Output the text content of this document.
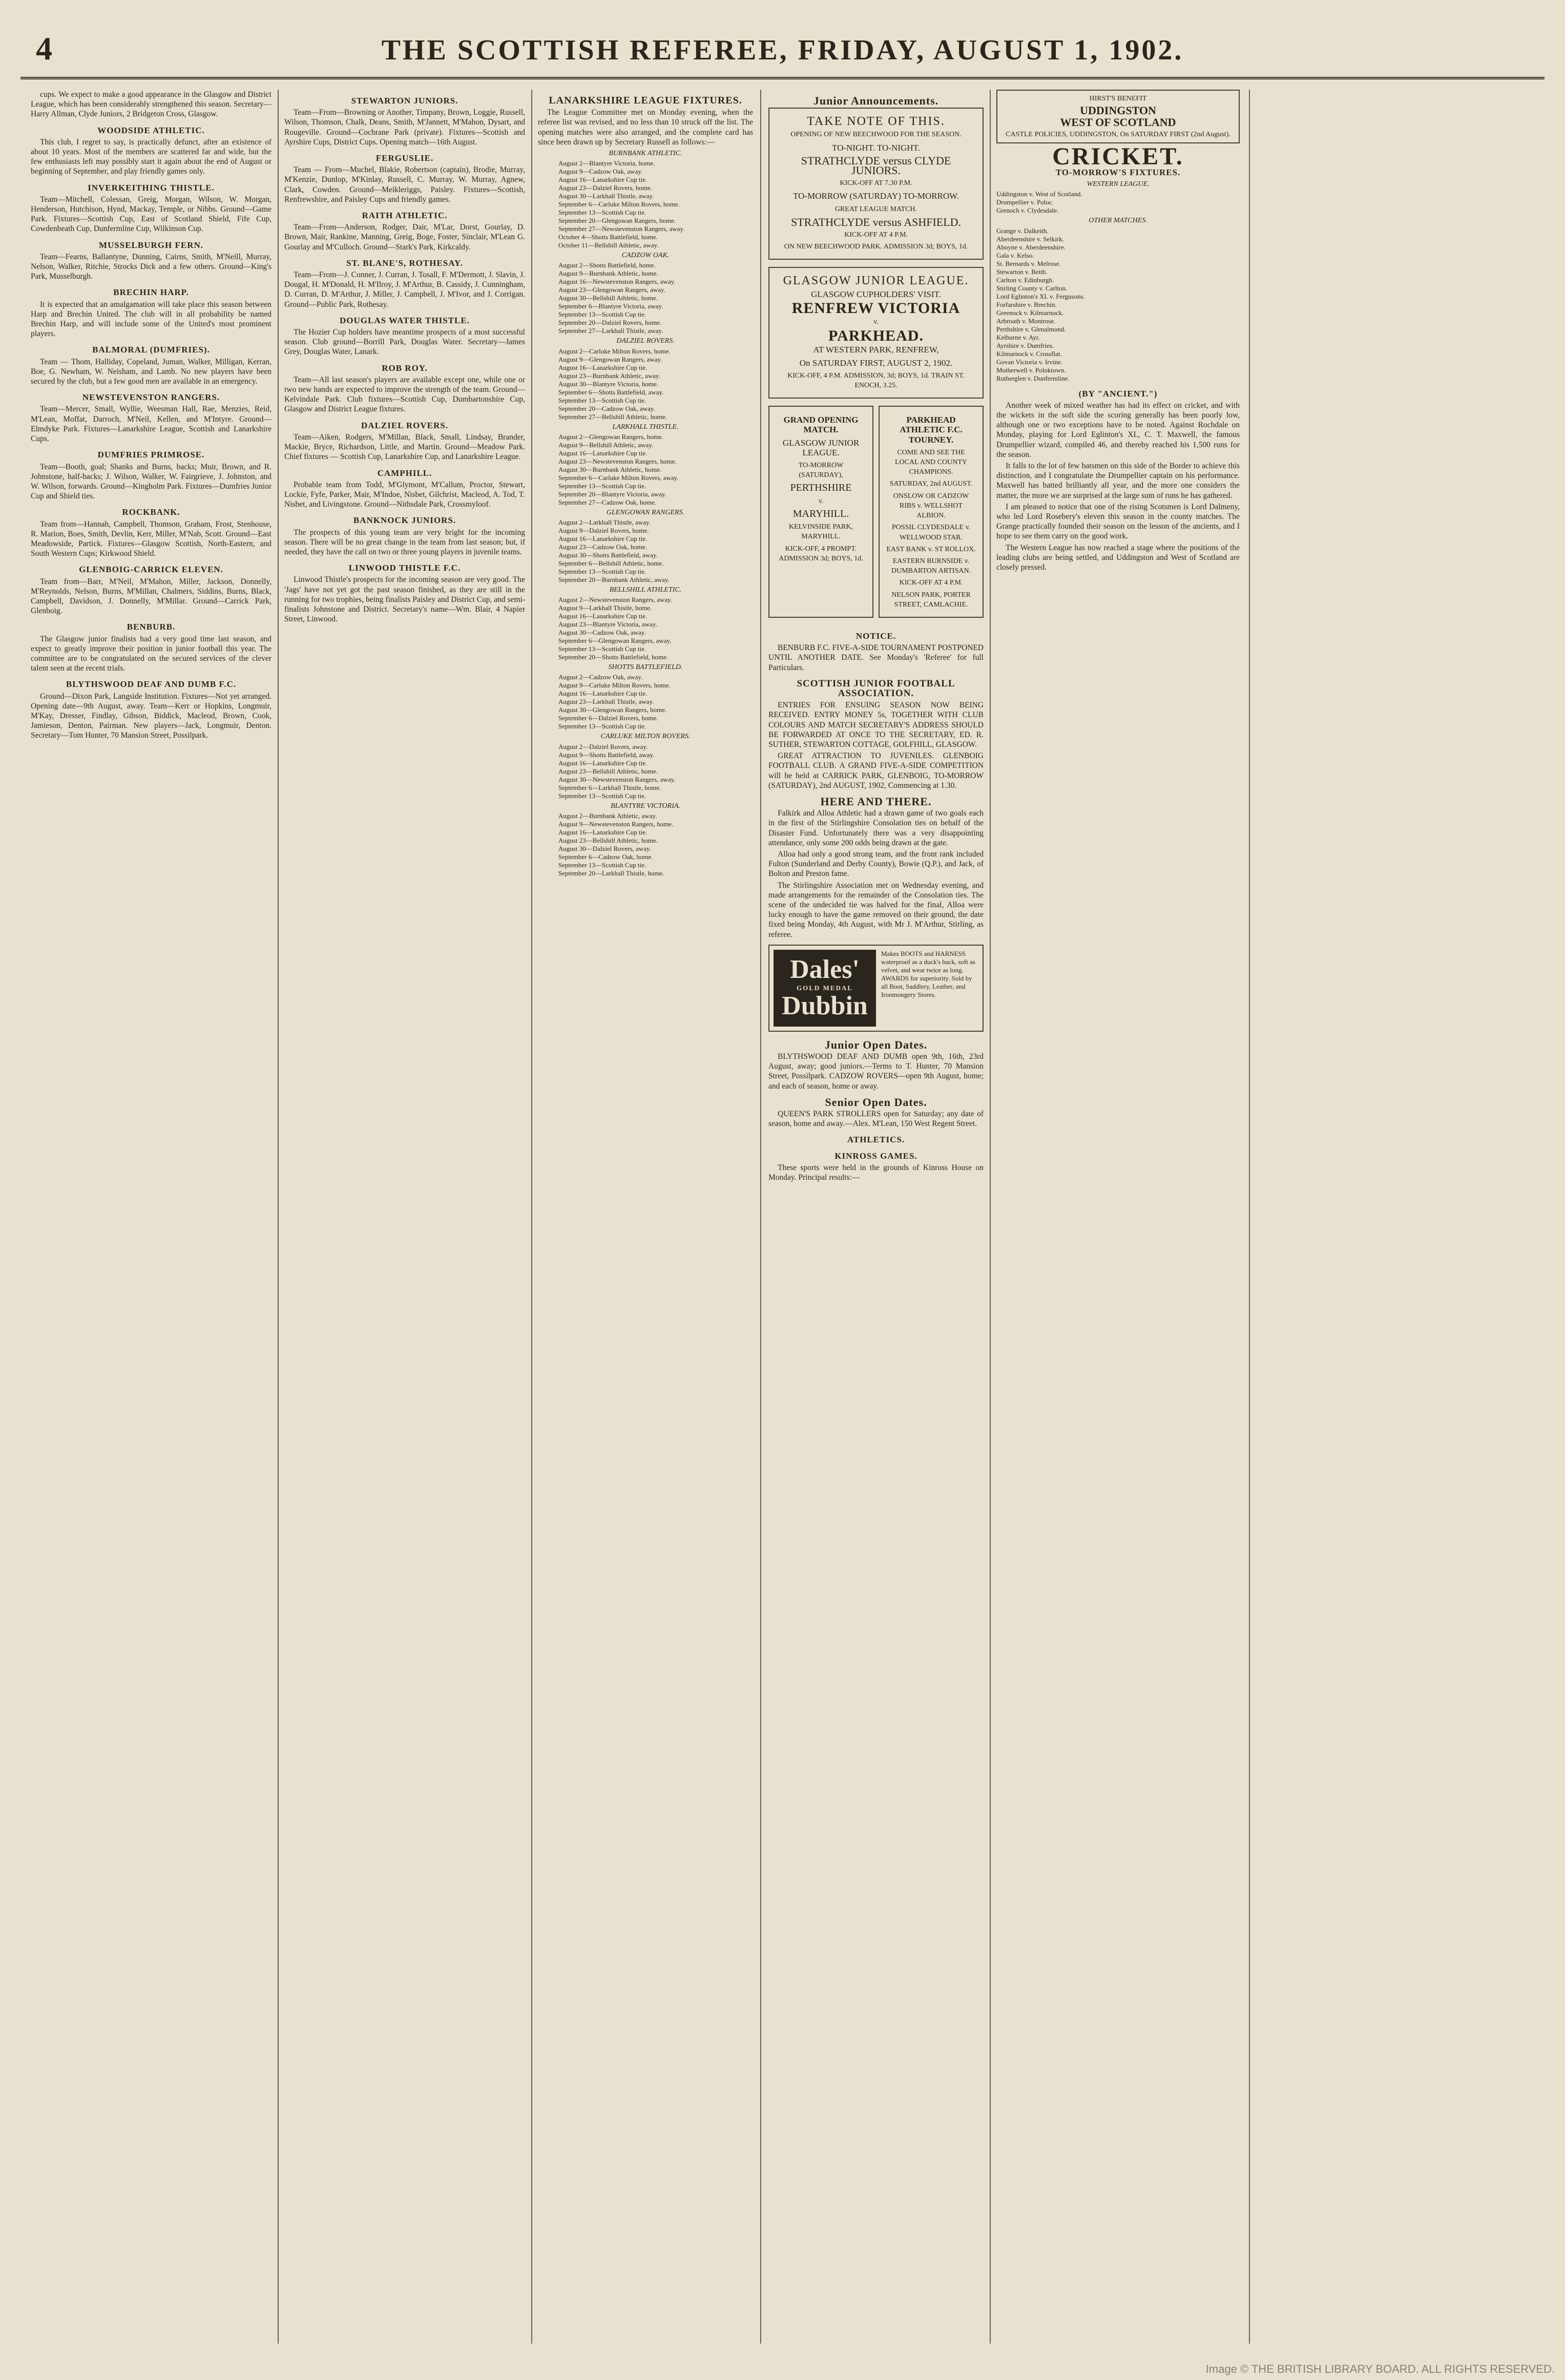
4	THE SCOTTISH REFEREE, FRIDAY, AUGUST 1, 1902.

cups. We expect to make a good appearance in the Glasgow and District League, which has been considerably strengthened this season. Secretary—Harry Allman, Clyde Juniors, 2 Bridgeton Cross, Glasgow.

WOODSIDE ATHLETIC.

This club, I regret to say, is practically defunct, after an existence of about 10 years. Most of the members are scattered far and wide, but the few enthusiasts left may possibly start it again about the end of August or beginning of September, and play friendly games only.

INVERKEITHING THISTLE.

Team—Mitchell, Colessan, Greig, Morgan, Wilson, W. Morgan, Henderson, Hutchison, Hynd, Mackay, Temple, or Nibbs. Ground—Game Park. Fixtures—Scottish Cup, East of Scotland Shield, Fife Cup, Cowdenbeath Cup, Dunfermline Cup, Wilkinson Cup.

MUSSELBURGH FERN.

Team—Fearns, Ballantyne, Dunning, Cairns, Smith, M'Neill, Murray, Nelson, Walker, Ritchie, Strocks Dick and a few others. Ground—King's Park, Musselburgh.

BRECHIN HARP.

It is expected that an amalgamation will take place this season between Harp and Brechin United. The club will in all probability be named Brechin Harp, and will include some of the United's most prominent players.

BALMORAL (DUMFRIES).

Team — Thom, Halliday, Copeland, Juman, Walker, Milligan, Kerran, Boe, G. Newham, W. Neisham, and Lamb. No new players have been secured by the club, but a few good men are available in an emergency.

NEWSTEVENSTON RANGERS.

Team—Mercer, Small, Wyllie, Weesman Hall, Rae, Menzies, Reid, M'Lean, Moffat, Darroch, M'Neil, Kellen, and M'Intyre. Ground—Elmdyke Park. Fixtures—Lanarkshire League, Scottish and Lanarkshire Cups.

DUMFRIES PRIMROSE.

Team—Booth, goal; Shanks and Burns, backs; Muir, Brown, and R. Johnstone, half-backs; J. Wilson, Walker, W. Fairgrieve, J. Johnston, and W. Wilson, forwards. Ground—Kingholm Park. Fixtures—Dumfries Junior Cup and Shield ties.

ROCKBANK.

Team from—Hannah, Campbell, Thomson, Graham, Frost, Stenhouse, R. Marion, Boes, Smith, Devlin, Kerr, Miller, M'Nab, Scott. Ground—East Meadowside, Partick. Fixtures—Glasgow Scottish, North-Eastern, and South Western Cups; Kirkwood Shield.

GLENBOIG-CARRICK ELEVEN.

Team from—Barr, M'Neil, M'Mahon, Miller, Jackson, Donnelly, M'Reynolds, Nelson, Burns, M'Millan, Chalmers, Siddins, Burns, Black, Campbell, Davidson, J. Donnelly, M'Millar. Ground—Carrick Park, Glenboig.

BENBURB.

The Glasgow junior finalists had a very good time last season, and expect to greatly improve their position in junior football this year. The committee are to be congratulated on the secured services of the clever talent seen at the recent trials.

BLYTHSWOOD DEAF AND DUMB F.C.

Ground—Dixon Park, Langside Institution. Fixtures—Not yet arranged. Opening date—9th August, away. Team—Kerr or Hopkins, Longmuir, M'Kay, Dresser, Findlay, Gibson, Biddick, Macleod, Brown, Cook, Jamieson, Denton, Pairman. New players—Jack, Longmuir, Denton. Secretary—Tom Hunter, 70 Mansion Street, Possilpark.

STEWARTON JUNIORS.

Team—From—Browning or Another, Timpany, Brown, Loggie, Russell, Wilson, Thomson, Chalk, Deans, Smith, M'Jannett, M'Mahon, Dysart, and Rougeville. Ground—Cochrane Park (private). Fixtures—Scottish and Ayrshire Cups, District Cups. Opening match—16th August.

FERGUSLIE.

Team — From—Muchel, Blakie, Robertson (captain), Brodie, Murray, M'Kenzie, Dunlop, M'Kinlay, Russell, C. Murray, W. Murray, Agnew, Clark, Cowden. Ground—Meikleriggs, Paisley. Fixtures—Scottish, Renfrewshire, and Paisley Cups and friendly games.

RAITH ATHLETIC.

Team—From—Anderson, Rodger, Dair, M'Lar, Dorst, Gourlay, D. Brown, Mair, Rankine, Manning, Greig, Boge, Foster, Sinclair, M'Lean G. Gourlay and M'Culloch. Ground—Stark's Park, Kirkcaldy.

ST. BLANE'S, ROTHESAY.

Team—From—J. Conner, J. Curran, J. Tosall, F. M'Dermott, J. Slavin, J. Dougal, H. M'Donald, H. M'Ilroy, J. M'Arthur, B. Cassidy, J. Cunningham, D. Curran, D. M'Arthur, J. Miller, J. Campbell, J. M'Ivor, and J. Corrigan. Ground—Public Park, Rothesay.

DOUGLAS WATER THISTLE.

The Hozier Cup holders have meantime prospects of a most successful season. Club ground—Borrill Park, Douglas Water. Secretary—James Grey, Douglas Water, Lanark.

ROB ROY.

Team—All last season's players are available except one, while one or two new hands are expected to improve the strength of the team. Ground—Kelvindale Park. Club fixtures—Scottish Cup, Dumbartonshire Cup, Glasgow and District League fixtures.

DALZIEL ROVERS.

Team—Aiken, Rodgers, M'Millan, Black, Small, Lindsay, Brander, Mackie, Bryce, Richardson, Little, and Martin. Ground—Meadow Park. Chief fixtures — Scottish Cup, Lanarkshire Cup, and Lanarkshire League.

CAMPHILL.

Probable team from Todd, M'Glymont, M'Callum, Proctor, Stewart, Lockie, Fyfe, Parker, Mair, M'Indoe, Nisbet, Gilchrist, Macleod, A. Tod, T. Nisbet, and Livingstone. Ground—Nithsdale Park, Crossmyloof.

BANKNOCK JUNIORS.

The prospects of this young team are very bright for the incoming season. There will be no great change in the team from last season; but, if needed, they have the call on two or three young players in juvenile teams.

LINWOOD THISTLE F.C.

Linwood Thistle's prospects for the incoming season are very good. The 'Jags' have not yet got the past season finished, as they are still in the running for two trophies, being finalists Paisley and District Cup, and semi-finalists Johnstone and District. Secretary's name—Wm. Blair, 4 Napier Street, Linwood.

LANARKSHIRE LEAGUE FIXTURES.

The League Committee met on Monday evening, when the referee list was revised, and no less than 10 struck off the list. The opening matches were also arranged, and the complete card has since been drawn up by Secretary Russell as follows:—

BURNBANK ATHLETIC.
August 2—Blantyre Victoria, home.
August 9—Cadzow Oak, away.
August 16—Lanarkshire Cup tie.
August 23—Dalziel Rovers, home.
August 30—Larkhall Thistle, away.
September 6—Carluke Milton Rovers, home.
September 13—Scottish Cup tie.
September 20—Glengowan Rangers, home.
September 27—Newstevenston Rangers, away.
October 4—Shotts Battlefield, home.
October 11—Bellshill Athletic, away.
CADZOW OAK.
August 2—Shotts Battlefield, home.
August 9—Burnbank Athletic, home.
August 16—Newstevenston Rangers, away.
August 23—Glengowan Rangers, away.
August 30—Bellshill Athletic, home.
September 6—Blantyre Victoria, away.
September 13—Scottish Cup tie.
September 20—Dalziel Rovers, home.
September 27—Larkhall Thistle, away.
DALZIEL ROVERS.
August 2—Carluke Milton Rovers, home.
August 9—Glengowan Rangers, away.
August 16—Lanarkshire Cup tie.
August 23—Burnbank Athletic, away.
August 30—Blantyre Victoria, home.
September 6—Shotts Battlefield, away.
September 13—Scottish Cup tie.
September 20—Cadzow Oak, away.
September 27—Bellshill Athletic, home.
LARKHALL THISTLE.
August 2—Glengowan Rangers, home.
August 9—Bellshill Athletic, away.
August 16—Lanarkshire Cup tie.
August 23—Newstevenston Rangers, home.
August 30—Burnbank Athletic, home.
September 6—Carluke Milton Rovers, away.
September 13—Scottish Cup tie.
September 20—Blantyre Victoria, away.
September 27—Cadzow Oak, home.
GLENGOWAN RANGERS.
August 2—Larkhall Thistle, away.
August 9—Dalziel Rovers, home.
August 16—Lanarkshire Cup tie.
August 23—Cadzow Oak, home.
August 30—Shotts Battlefield, away.
September 6—Bellshill Athletic, home.
September 13—Scottish Cup tie.
September 20—Burnbank Athletic, away.
BELLSHILL ATHLETIC.
August 2—Newstevenston Rangers, away.
August 9—Larkhall Thistle, home.
August 16—Lanarkshire Cup tie.
August 23—Blantyre Victoria, away.
August 30—Cadzow Oak, away.
September 6—Glengowan Rangers, away.
September 13—Scottish Cup tie.
September 20—Shotts Battlefield, home.
SHOTTS BATTLEFIELD.
August 2—Cadzow Oak, away.
August 9—Carluke Milton Rovers, home.
August 16—Lanarkshire Cup tie.
August 23—Larkhall Thistle, away.
August 30—Glengowan Rangers, home.
September 6—Dalziel Rovers, home.
September 13—Scottish Cup tie.
CARLUKE MILTON ROVERS.
August 2—Dalziel Rovers, away.
August 9—Shotts Battlefield, away.
August 16—Lanarkshire Cup tie.
August 23—Bellshill Athletic, home.
August 30—Newstevenston Rangers, away.
September 6—Larkhall Thistle, home.
September 13—Scottish Cup tie.
BLANTYRE VICTORIA.
August 2—Burnbank Athletic, away.
August 9—Newstevenston Rangers, home.
August 16—Lanarkshire Cup tie.
August 23—Bellshill Athletic, home.
August 30—Dalziel Rovers, away.
September 6—Cadzow Oak, home.
September 13—Scottish Cup tie.
September 20—Larkhall Thistle, home.
Junior Announcements.
TAKE NOTE OF THIS.
OPENING OF NEW BEECHWOOD FOR THE SEASON.
TO-NIGHT. TO-NIGHT.
STRATHCLYDE versus CLYDE JUNIORS.
KICK-OFF AT 7.30 P.M.
TO-MORROW (SATURDAY) TO-MORROW.
GREAT LEAGUE MATCH.
STRATHCLYDE versus ASHFIELD.
KICK-OFF AT 4 P.M.
ON NEW BEECHWOOD PARK. ADMISSION 3d; BOYS, 1d.
GLASGOW JUNIOR LEAGUE.
GLASGOW CUPHOLDERS' VISIT.
RENFREW VICTORIA
v.
PARKHEAD.
AT WESTERN PARK, RENFREW,
On SATURDAY FIRST, AUGUST 2, 1902.
KICK-OFF, 4 P.M. ADMISSION, 3d; BOYS, 1d. TRAIN ST. ENOCH, 3.25.
GRAND OPENING MATCH.
GLASGOW JUNIOR LEAGUE.
TO-MORROW (SATURDAY),
PERTHSHIRE
v.
MARYHILL.
KELVINSIDE PARK, MARYHILL.
KICK-OFF, 4 PROMPT. ADMISSION 3d; BOYS, 1d.
PARKHEAD ATHLETIC F.C. TOURNEY.
COME AND SEE THE LOCAL AND COUNTY CHAMPIONS.
SATURDAY, 2nd AUGUST.
ONSLOW OR CADZOW RIBS v. WELLSHOT ALBION.
POSSIL CLYDESDALE v. WELLWOOD STAR.
EAST BANK v. ST ROLLOX.
EASTERN BURNSIDE v. DUMBARTON ARTISAN.
KICK-OFF AT 4 P.M.
NELSON PARK, PORTER STREET, CAMLACHIE.
NOTICE.

BENBURB F.C. FIVE-A-SIDE TOURNAMENT POSTPONED UNTIL ANOTHER DATE. See Monday's 'Referee' for full Particulars.

SCOTTISH JUNIOR FOOTBALL ASSOCIATION.

ENTRIES FOR ENSUING SEASON NOW BEING RECEIVED. ENTRY MONEY 5s, TOGETHER WITH CLUB COLOURS AND MATCH SECRETARY'S ADDRESS SHOULD BE FORWARDED AT ONCE TO THE SECRETARY, ED. R. SUTHER, STEWARTON COTTAGE, GOLFHILL, GLASGOW.

GREAT ATTRACTION TO JUVENILES. GLENBOIG FOOTBALL CLUB. A GRAND FIVE-A-SIDE COMPETITION will be held at CARRICK PARK, GLENBOIG, TO-MORROW (SATURDAY), 2nd AUGUST, 1902, Commencing at 1.30.

HERE AND THERE.

Falkirk and Alloa Athletic had a drawn game of two goals each in the first of the Stirlingshire Consolation ties on behalf of the Disaster Fund. Unfortunately there was a very disappointing attendance, only some 200 odds being drawn at the gate.

Alloa had only a good strong team, and the front rank included Fulton (Sunderland and Derby County), Bowie (Q.P.), and Jack, of Bolton and Preston fame.

The Stirlingshire Association met on Wednesday evening, and made arrangements for the remainder of the Consolation ties. The scene of the undecided tie was halved for the final, Alloa were lucky enough to have the game removed on their ground, the date fixed being Monday, 4th August, with Mr J. M'Arthur, Stirling, as referee.

Dales'
GOLD MEDAL
Dubbin
Makes BOOTS and HARNESS waterproof as a duck's back, soft as velvet, and wear twice as long. AWARDS for superiority. Sold by all Boot, Saddlery, Leather, and Ironmongery Stores.
Junior Open Dates.

BLYTHSWOOD DEAF AND DUMB open 9th, 16th, 23rd August, away; good juniors.—Terms to T. Hunter, 70 Mansion Street, Possilpark. CADZOW ROVERS—open 9th August, home; and each of season, home or away.

Senior Open Dates.

QUEEN'S PARK STROLLERS open for Saturday; any date of season, home and away.—Alex. M'Lean, 150 West Regent Street.

ATHLETICS.
KINROSS GAMES.

These sports were held in the grounds of Kinross House on Monday. Principal results:—

HIRST'S BENEFIT
UDDINGSTON
WEST OF SCOTLAND
CASTLE POLICIES, UDDINGSTON, On SATURDAY FIRST (2nd August).
CRICKET.
TO-MORROW'S FIXTURES.
WESTERN LEAGUE.
Uddingston v. West of Scotland.
Drumpellier v. Poloc.
Grenoch v. Clydesdale.
OTHER MATCHES.
Grange v. Dalkeith.
Aberdeenshire v. Selkirk.
Aboyne v. Aberdeenshire.
Gala v. Kelso.
St. Bernards v. Melrose.
Stewarton v. Beith.
Carlton v. Edinburgh.
Stirling County v. Carlton.
Lord Eglinton's XI. v. Fergusons.
Forfarshire v. Brechin.
Greenock v. Kilmarnock.
Arbroath v. Montrose.
Perthshire v. Glenalmond.
Kelburne v. Ayr.
Ayrshire v. Dumfries.
Kilmarnock v. Crossflat.
Govan Victoria v. Irvine.
Motherwell v. Poloktown.
Rutherglen v. Dunfermline.
(BY "ANCIENT.")

Another week of mixed weather has had its effect on cricket, and with the wickets in the soft side the scoring generally has been poorly low, although one or two exceptions have to be noted. Against Rochdale on Monday, playing for Lord Eglinton's XI., C. T. Maxwell, the famous Drumpellier wizard, compiled 46, and thereby reached his 1,500 runs for the season.

It falls to the lot of few batsmen on this side of the Border to achieve this distinction, and I congratulate the Drumpellier captain on his performance. Maxwell has batted brilliantly all year, and the more one considers the matter, the more we are surprised at the large sum of runs he has gathered.

I am pleased to notice that one of the rising Scotsmen is Lord Dalmeny, who led Lord Rosebery's eleven this season in the county matches. The Grange practically founded their season on the lesson of the ancients, and I hope to see them carry on the good work.

The Western League has now reached a stage where the positions of the leading clubs are being settled, and Uddingston and West of Scotland are closely pressed.

Image © THE BRITISH LIBRARY BOARD. ALL RIGHTS RESERVED.
